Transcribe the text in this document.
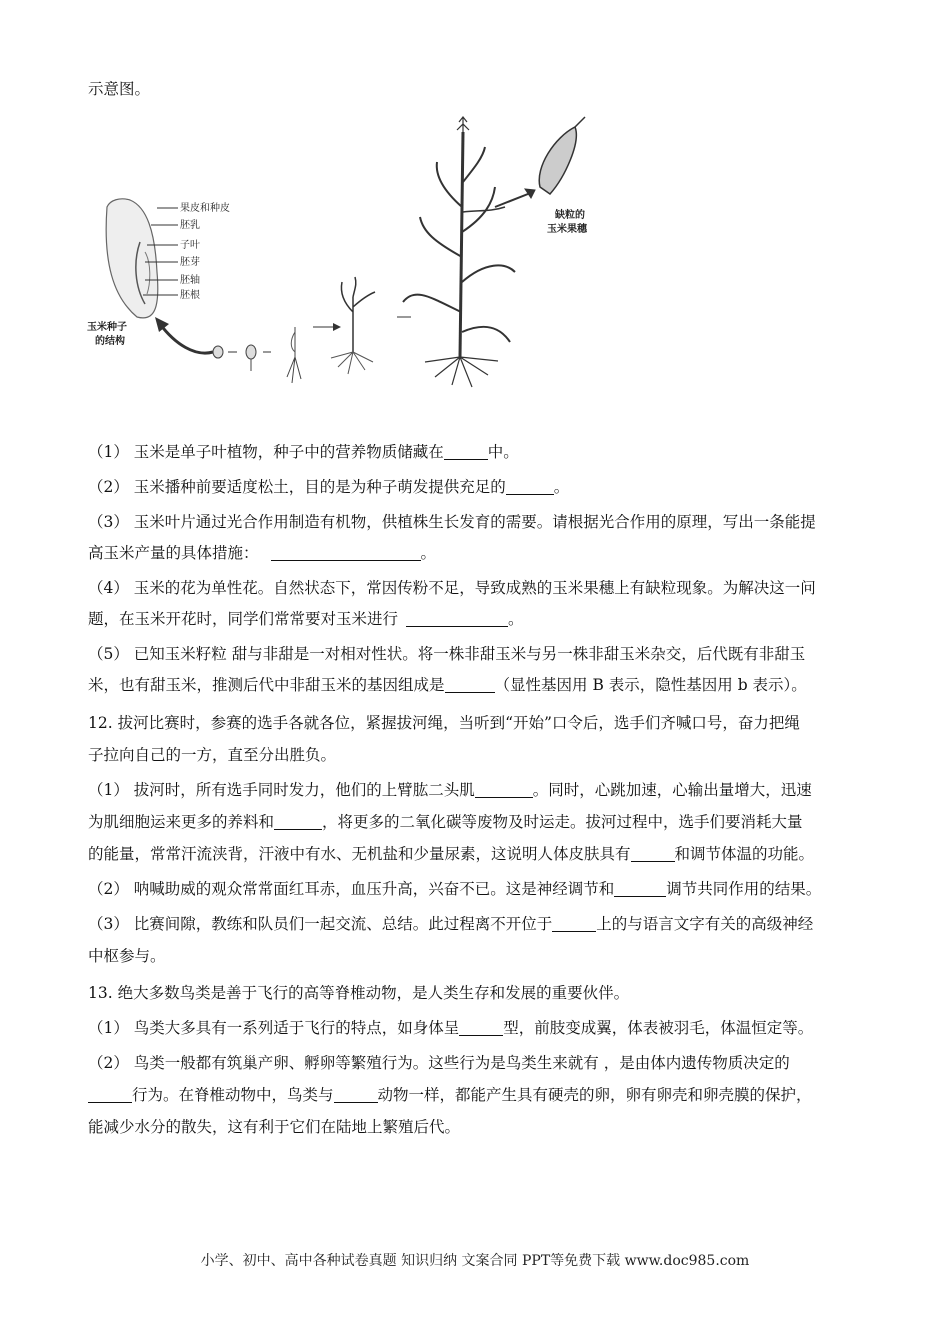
示意图。
果皮和种皮
胚乳
子叶
胚芽
胚轴
胚根
玉米种子
的结构
缺粒的
玉米果穗
（1） 玉米是单子叶植物，种子中的营养物质储藏在	中。
（2） 玉米播种前要适度松土，目的是为种子萌发提供充足的	。
（3） 玉米叶片通过光合作用制造有机物，供植株生长发育的需要。请根据光合作用的原理，写出一条能提
高玉米产量的具体措施：	。
（4） 玉米的花为单性花。自然状态下，常因传粉不足，导致成熟的玉米果穗上有缺粒现象。为解决这一问
题，在玉米开花时，同学们常常要对玉米进行	。
（5） 已知玉米籽粒 甜与非甜是一对相对性状。将一株非甜玉米与另一株非甜玉米杂交，后代既有非甜玉
米，也有甜玉米，推测后代中非甜玉米的基因组成是	（显性基因用 B 表示，隐性基因用 b 表示）。
12. 拔河比赛时，参赛的选手各就各位，紧握拔河绳，当听到“开始”口令后，选手们齐喊口号，奋力把绳
子拉向自己的一方，直至分出胜负。
（1） 拔河时，所有选手同时发力，他们的上臂肱二头肌	。同时，心跳加速，心输出量增大，迅速
为肌细胞运来更多的养料和	，将更多的二氧化碳等废物及时运走。拔河过程中，选手们要消耗大量
的能量，常常汗流浃背，汗液中有水、无机盐和少量尿素，这说明人体皮肤具有	和调节体温的功能。
（2） 呐喊助威的观众常常面红耳赤，血压升高，兴奋不已。这是神经调节和	调节共同作用的结果。
（3） 比赛间隙，教练和队员们一起交流、总结。此过程离不开位于	上的与语言文字有关的高级神经
中枢参与。
13. 绝大多数鸟类是善于飞行的高等脊椎动物，是人类生存和发展的重要伙伴。
（1） 鸟类大多具有一系列适于飞行的特点，如身体呈	型，前肢变成翼，体表被羽毛，体温恒定等。
（2） 鸟类一般都有筑巢产卵、孵卵等繁殖行为。这些行为是鸟类生来就有 ，是由体内遗传物质决定的
行为。在脊椎动物中，鸟类与	动物一样，都能产生具有硬壳的卵，卵有卵壳和卵壳膜的保护，
能减少水分的散失，这有利于它们在陆地上繁殖后代。
小学、初中、高中各种试卷真题 知识归纳 文案合同 PPT等免费下载 www.doc985.com
